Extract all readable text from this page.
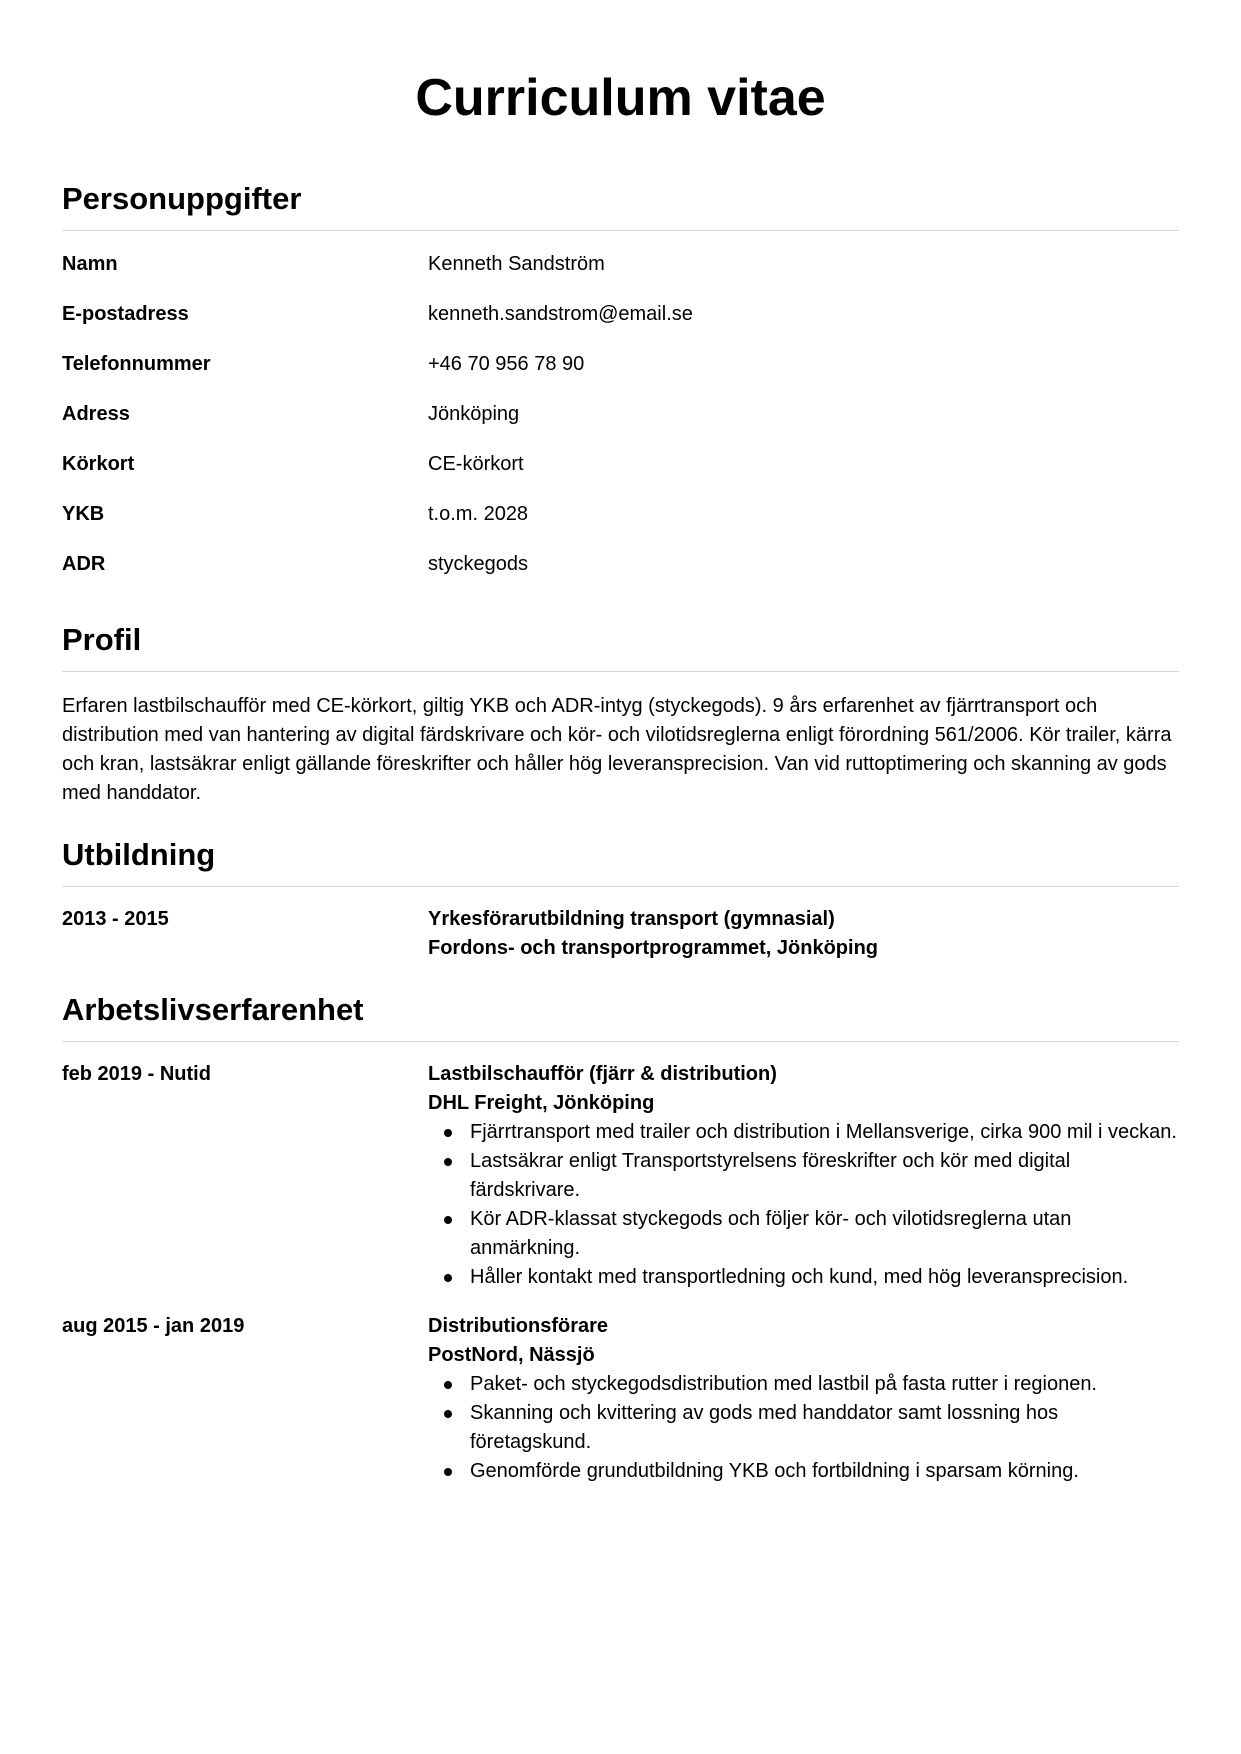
Curriculum vitae
Personuppgifter
Namn	Kenneth Sandström
E-postadress	kenneth.sandstrom@email.se
Telefonnummer	+46 70 956 78 90
Adress	Jönköping
Körkort	CE-körkort
YKB	t.o.m. 2028
ADR	styckegods
Profil

Erfaren lastbilschaufför med CE-körkort, giltig YKB och ADR-intyg (styckegods). 9 års erfarenhet av fjärrtransport och distribution med van hantering av digital färdskrivare och kör- och vilotidsreglerna enligt förordning 561/2006. Kör trailer, kärra och kran, lastsäkrar enligt gällande föreskrifter och håller hög leveransprecision. Van vid ruttoptimering och skanning av gods med handdator.

Utbildning
2013 - 2015	Yrkesförarutbildning transport (gymnasial)
Fordons- och transportprogrammet, Jönköping
Arbetslivserfarenhet
feb 2019 - Nutid	Lastbilschaufför (fjärr & distribution)
DHL Freight, Jönköping
Fjärrtransport med trailer och distribution i Mellansverige, cirka 900 mil i veckan.
Lastsäkrar enligt Transportstyrelsens föreskrifter och kör med digital färdskrivare.
Kör ADR-klassat styckegods och följer kör- och vilotidsreglerna utan anmärkning.
Håller kontakt med transportledning och kund, med hög leveransprecision.
aug 2015 - jan 2019	Distributionsförare
PostNord, Nässjö
Paket- och styckegodsdistribution med lastbil på fasta rutter i regionen.
Skanning och kvittering av gods med handdator samt lossning hos företagskund.
Genomförde grundutbildning YKB och fortbildning i sparsam körning.
